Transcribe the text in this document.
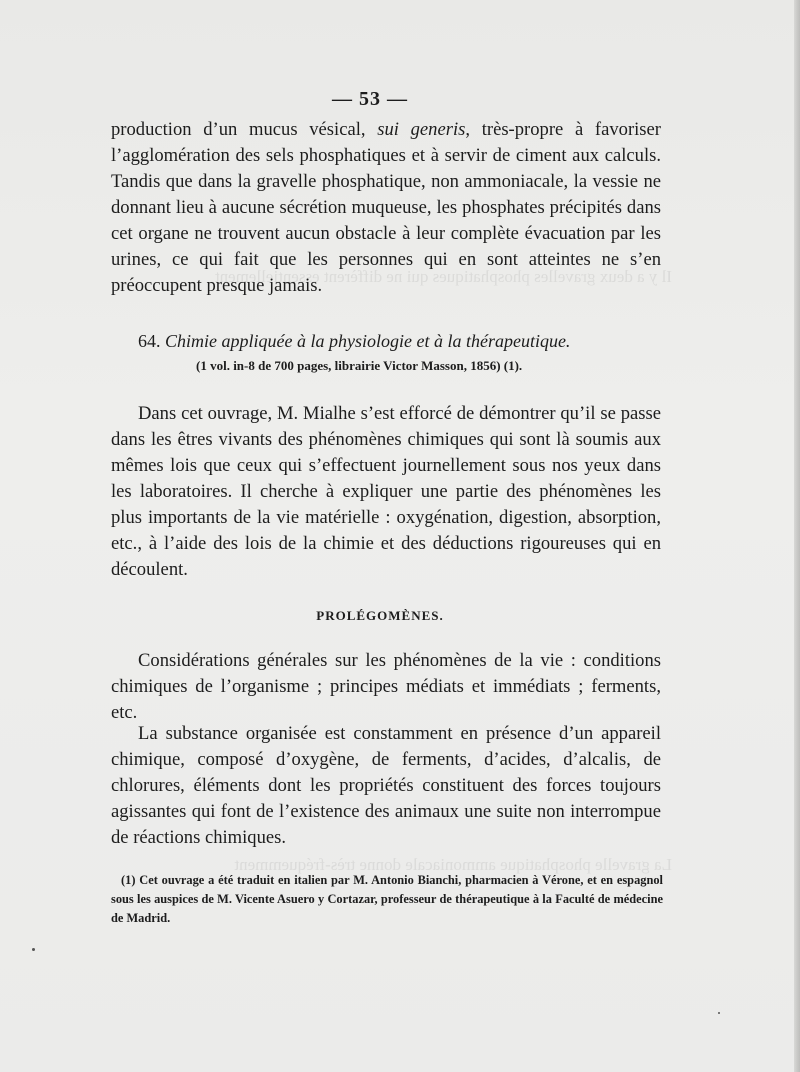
Il y a deux gravelles phosphatiques qui ne diffèrent essentiellement
La gravelle phosphatique ammoniacale donne très-fréquemment
— 53 —
production d’un mucus vésical, sui generis, très-propre à favoriser l’agglomération des sels phosphatiques et à servir de ciment aux calculs. Tandis que dans la gravelle phosphatique, non ammoniacale, la vessie ne donnant lieu à aucune sécrétion muqueuse, les phosphates précipités dans cet organe ne trouvent aucun obstacle à leur complète évacuation par les urines, ce qui fait que les personnes qui en sont atteintes ne s’en préoccupent presque jamais.
64. Chimie appliquée à la physiologie et à la thérapeutique.
(1 vol. in-8 de 700 pages, librairie Victor Masson, 1856) (1).
Dans cet ouvrage, M. Mialhe s’est efforcé de démontrer qu’il se passe dans les êtres vivants des phénomènes chimiques qui sont là soumis aux mêmes lois que ceux qui s’effectuent journellement sous nos yeux dans les laboratoires. Il cherche à expliquer une partie des phénomènes les plus importants de la vie matérielle : oxygénation, digestion, absorption, etc., à l’aide des lois de la chimie et des déductions rigoureuses qui en découlent.
PROLÉGOMÈNES.
Considérations générales sur les phénomènes de la vie : conditions chimiques de l’organisme ; principes médiats et immédiats ; ferments, etc.
La substance organisée est constamment en présence d’un appareil chimique, composé d’oxygène, de ferments, d’acides, d’alcalis, de chlorures, éléments dont les propriétés constituent des forces toujours agissantes qui font de l’existence des animaux une suite non interrompue de réactions chimiques.
(1) Cet ouvrage a été traduit en italien par M. Antonio Bianchi, pharmacien à Vérone, et en espagnol sous les auspices de M. Vicente Asuero y Cortazar, professeur de thérapeutique à la Faculté de médecine de Madrid.
